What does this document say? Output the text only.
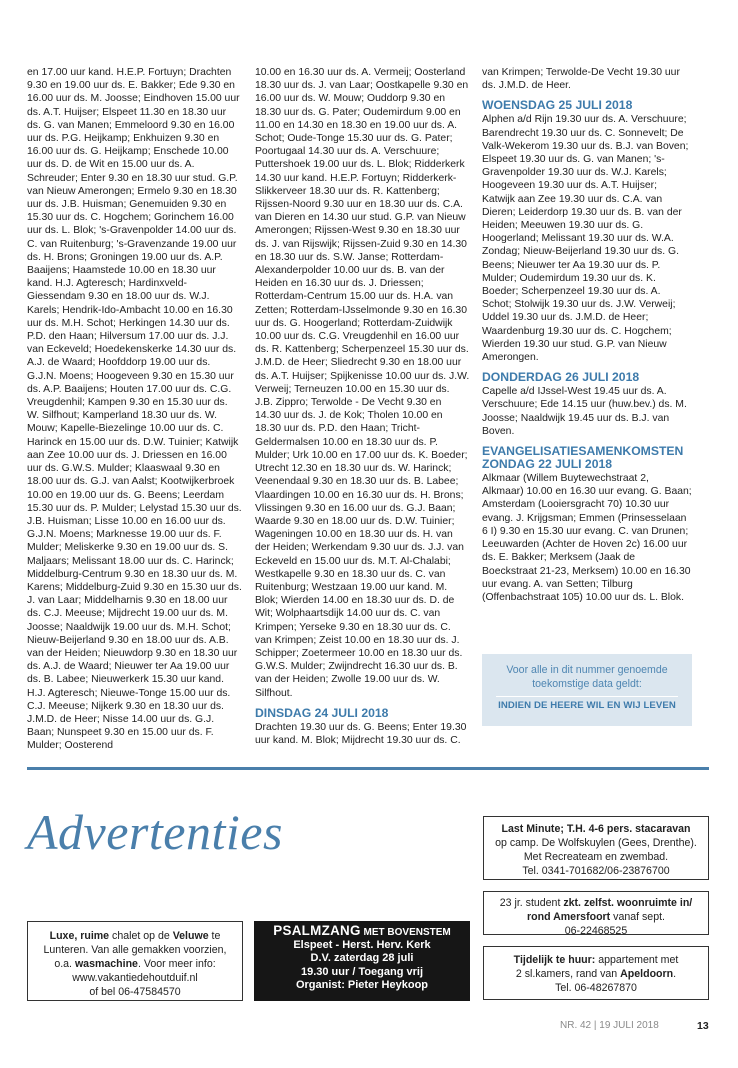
en 17.00 uur kand. H.E.P. Fortuyn; Drachten 9.30 en 19.00 uur ds. E. Bakker; Ede 9.30 en 16.00 uur ds. M. Joosse; Eindhoven 15.00 uur ds. A.T. Huijser; Elspeet 11.30 en 18.30 uur ds. G. van Manen; Emmeloord 9.30 en 16.00 uur ds. P.G. Heijkamp; Enkhuizen 9.30 en 16.00 uur ds. G. Heijkamp; Enschede 10.00 uur ds. D. de Wit en 15.00 uur ds. A. Schreuder; Enter 9.30 en 18.30 uur stud. G.P. van Nieuw Amerongen; Ermelo 9.30 en 18.30 uur ds. J.B. Huisman; Genemuiden 9.30 en 15.30 uur ds. C. Hogchem; Gorinchem 16.00 uur ds. L. Blok; 's-Gravenpolder 14.00 uur ds. C. van Ruitenburg; 's-Gravenzande 19.00 uur ds. H. Brons; Groningen 19.00 uur ds. A.P. Baaijens; Haamstede 10.00 en 18.30 uur kand. H.J. Agteresch; Hardinxveld-Giessendam 9.30 en 18.00 uur ds. W.J. Karels; Hendrik-Ido-Ambacht 10.00 en 16.30 uur ds. M.H. Schot; Herkingen 14.30 uur ds. P.D. den Haan; Hilversum 17.00 uur ds. J.J. van Eckeveld; Hoedekenskerke 14.30 uur ds. A.J. de Waard; Hoofddorp 19.00 uur ds. G.J.N. Moens; Hoogeveen 9.30 en 15.30 uur ds. A.P. Baaijens; Houten 17.00 uur ds. C.G. Vreugdenhil; Kampen 9.30 en 15.30 uur ds. W. Silfhout; Kamperland 18.30 uur ds. W. Mouw; Kapelle-Biezelinge 10.00 uur ds. C. Harinck en 15.00 uur ds. D.W. Tuinier; Katwijk aan Zee 10.00 uur ds. J. Driessen en 16.00 uur ds. G.W.S. Mulder; Klaaswaal 9.30 en 18.00 uur ds. G.J. van Aalst; Kootwijkerbroek 10.00 en 19.00 uur ds. G. Beens; Leerdam 15.30 uur ds. P. Mulder; Lelystad 15.30 uur ds. J.B. Huisman; Lisse 10.00 en 16.00 uur ds. G.J.N. Moens; Marknesse 19.00 uur ds. F. Mulder; Meliskerke 9.30 en 19.00 uur ds. S. Maljaars; Melissant 18.00 uur ds. C. Harinck; Middelburg-Centrum 9.30 en 18.30 uur ds. M. Karens; Middelburg-Zuid 9.30 en 15.30 uur ds. J. van Laar; Middelharnis 9.30 en 18.00 uur ds. C.J. Meeuse; Mijdrecht 19.00 uur ds. M. Joosse; Naaldwijk 19.00 uur ds. M.H. Schot; Nieuw-Beijerland 9.30 en 18.00 uur ds. A.B. van der Heiden; Nieuwdorp 9.30 en 18.30 uur ds. A.J. de Waard; Nieuwer ter Aa 19.00 uur ds. B. Labee; Nieuwerkerk 15.30 uur kand. H.J. Agteresch; Nieuwe-Tonge 15.00 uur ds. C.J. Meeuse; Nijkerk 9.30 en 18.30 uur ds. J.M.D. de Heer; Nisse 14.00 uur ds. G.J. Baan; Nunspeet 9.30 en 15.00 uur ds. F. Mulder; Oosterend

10.00 en 16.30 uur ds. A. Vermeij; Oosterland 18.30 uur ds. J. van Laar; Oostkapelle 9.30 en 16.00 uur ds. W. Mouw; Ouddorp 9.30 en 18.30 uur ds. G. Pater; Oudemirdum 9.00 en 11.00 en 14.30 en 18.30 en 19.00 uur ds. A. Schot; Oude-Tonge 15.30 uur ds. G. Pater; Poortugaal 14.30 uur ds. A. Verschuure; Puttershoek 19.00 uur ds. L. Blok; Ridderkerk 14.30 uur kand. H.E.P. Fortuyn; Ridderkerk-Slikkerveer 18.30 uur ds. R. Kattenberg; Rijssen-Noord 9.30 uur en 18.30 uur ds. C.A. van Dieren en 14.30 uur stud. G.P. van Nieuw Amerongen; Rijssen-West 9.30 en 18.30 uur ds. J. van Rijswijk; Rijssen-Zuid 9.30 en 14.30 en 18.30 uur ds. S.W. Janse; Rotterdam-Alexanderpolder 10.00 uur ds. B. van der Heiden en 16.30 uur ds. J. Driessen; Rotterdam-Centrum 15.00 uur ds. H.A. van Zetten; Rotterdam-IJsselmonde 9.30 en 16.30 uur ds. G. Hoogerland; Rotterdam-Zuidwijk 10.00 uur ds. C.G. Vreugdenhil en 16.00 uur ds. R. Kattenberg; Scherpenzeel 15.30 uur ds. J.M.D. de Heer; Sliedrecht 9.30 en 18.00 uur ds. A.T. Huijser; Spijkenisse 10.00 uur ds. J.W. Verweij; Terneuzen 10.00 en 15.30 uur ds. J.B. Zippro; Terwolde - De Vecht 9.30 en 14.30 uur ds. J. de Kok; Tholen 10.00 en 18.30 uur ds. P.D. den Haan; Tricht-Geldermalsen 10.00 en 18.30 uur ds. P. Mulder; Urk 10.00 en 17.00 uur ds. K. Boeder; Utrecht 12.30 en 18.30 uur ds. W. Harinck; Veenendaal 9.30 en 18.30 uur ds. B. Labee; Vlaardingen 10.00 en 16.30 uur ds. H. Brons; Vlissingen 9.30 en 16.00 uur ds. G.J. Baan; Waarde 9.30 en 18.00 uur ds. D.W. Tuinier; Wageningen 10.00 en 18.30 uur ds. H. van der Heiden; Werkendam 9.30 uur ds. J.J. van Eckeveld en 15.00 uur ds. M.T. Al-Chalabi; Westkapelle 9.30 en 18.30 uur ds. C. van Ruitenburg; Westzaan 19.00 uur kand. M. Blok; Wierden 14.00 en 18.30 uur ds. D. de Wit; Wolphaartsdijk 14.00 uur ds. C. van Krimpen; Yerseke 9.30 en 18.30 uur ds. C. van Krimpen; Zeist 10.00 en 18.30 uur ds. J. Schipper; Zoetermeer 10.00 en 18.30 uur ds. G.W.S. Mulder; Zwijndrecht 16.30 uur ds. B. van der Heiden; Zwolle 19.00 uur ds. W. Silfhout.

DINSDAG 24 JULI 2018

Drachten 19.30 uur ds. G. Beens; Enter 19.30 uur kand. M. Blok; Mijdrecht 19.30 uur ds. C.

van Krimpen; Terwolde-De Vecht 19.30 uur ds. J.M.D. de Heer.

WOENSDAG 25 JULI 2018

Alphen a/d Rijn 19.30 uur ds. A. Verschuure; Barendrecht 19.30 uur ds. C. Sonnevelt; De Valk-Wekerom 19.30 uur ds. B.J. van Boven; Elspeet 19.30 uur ds. G. van Manen; 's-Gravenpolder 19.30 uur ds. W.J. Karels; Hoogeveen 19.30 uur ds. A.T. Huijser; Katwijk aan Zee 19.30 uur ds. C.A. van Dieren; Leiderdorp 19.30 uur ds. B. van der Heiden; Meeuwen 19.30 uur ds. G. Hoogerland; Melissant 19.30 uur ds. W.A. Zondag; Nieuw-Beijerland 19.30 uur ds. G. Beens; Nieuwer ter Aa 19.30 uur ds. P. Mulder; Oudemirdum 19.30 uur ds. K. Boeder; Scherpenzeel 19.30 uur ds. A. Schot; Stolwijk 19.30 uur ds. J.W. Verweij; Uddel 19.30 uur ds. J.M.D. de Heer; Waardenburg 19.30 uur ds. C. Hogchem; Wierden 19.30 uur stud. G.P. van Nieuw Amerongen.

DONDERDAG 26 JULI 2018

Capelle a/d IJssel-West 19.45 uur ds. A. Verschuure; Ede 14.15 uur (huw.bev.) ds. M. Joosse; Naaldwijk 19.45 uur ds. B.J. van Boven.

EVANGELISATIESAMENKOMSTEN
ZONDAG 22 JULI 2018

Alkmaar (Willem Buytewechstraat 2, Alkmaar) 10.00 en 16.30 uur evang. G. Baan; Amsterdam (Looiersgracht 70) 10.30 uur evang. J. Krijgsman; Emmen (Prinsesselaan 6 I) 9.30 en 15.30 uur evang. C. van Drunen; Leeuwarden (Achter de Hoven 2c) 16.00 uur ds. E. Bakker; Merksem (Jaak de Boeckstraat 21-23, Merksem) 10.00 en 16.30 uur evang. A. van Setten; Tilburg (Offenbachstraat 105) 10.00 uur ds. L. Blok.

Voor alle in dit nummer genoemde
toekomstige data geldt:
INDIEN DE HEERE WIL EN WIJ LEVEN
Advertenties	Last Minute; T.H. 4-6 pers. stacaravan

op camp. De Wolfskuylen (Gees, Drenthe).

Met Recreateam en zwembad.

Tel. 0341-701682/06-23876700

23 jr. student zkt. zelfst. woonruimte in/

rond Amersfoort vanaf sept.

06-22468525

Tijdelijk te huur: appartement met

2 sl.kamers, rand van Apeldoorn.

Tel. 06-48267870

Luxe, ruime chalet op de Veluwe te

Lunteren. Van alle gemakken voorzien,

o.a. wasmachine. Voor meer info:

www.vakantiedehoutduif.nl

of bel 06-47584570

PSALMZANG MET BOVENSTEM
Elspeet - Herst. Herv. Kerk
D.V. zaterdag 28 juli
19.30 uur / Toegang vrij
Organist: Pieter Heykoop
NR. 42 | 19 JULI 2018	13
